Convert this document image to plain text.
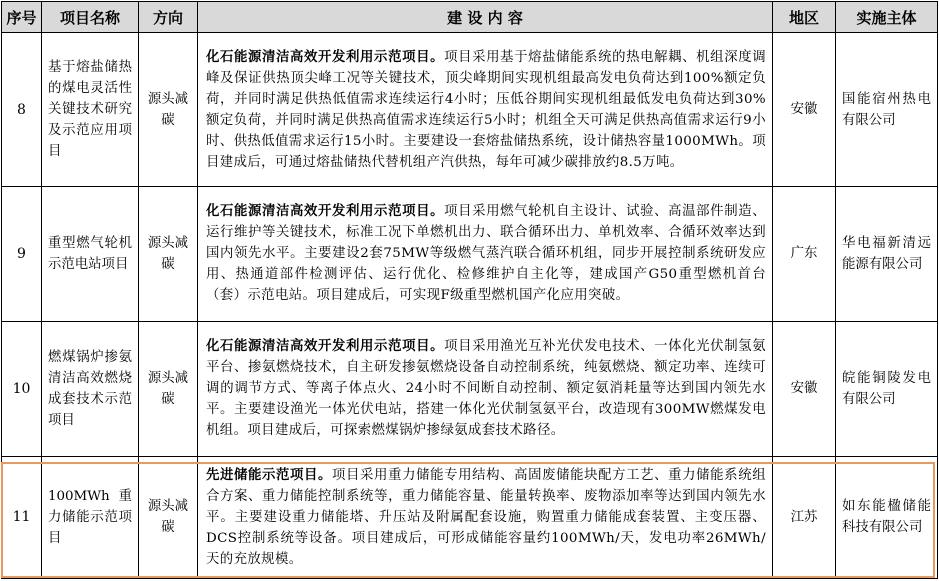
序号	项目名称	方向	建 设 内 容	地区	实施主体
8	基于熔盐储热的煤电灵活性关键技术研究及示范应用项目	源头减碳	化石能源清洁高效开发利用示范项目。项目采用基于熔盐储能系统的热电解耦、机组深度调峰及保证供热顶尖峰工况等关键技术，顶尖峰期间实现机组最高发电负荷达到100%额定负荷，并同时满足供热低值需求连续运行4小时；压低谷期间实现机组最低发电负荷达到30%额定负荷，并同时满足供热高值需求连续运行5小时；机组全天可满足供热高值需求运行9小时、供热低值需求运行15小时。主要建设一套熔盐储热系统，设计储热容量1000MWh。项目建成后，可通过熔盐储热代替机组产汽供热，每年可减少碳排放约8.5万吨。	安徽	国能宿州热电有限公司
9	重型燃气轮机示范电站项目	源头减碳	化石能源清洁高效开发利用示范项目。项目采用燃气轮机自主设计、试验、高温部件制造、运行维护等关键技术，标准工况下单燃机出力、联合循环出力、单机效率、合循环效率达到国内领先水平。主要建设2套75MW等级燃气蒸汽联合循环机组，同步开展控制系统研发应用、热通道部件检测评估、运行优化、检修维护自主化等，建成国产G50重型燃机首台（套）示范电站。项目建成后，可实现F级重型燃机国产化应用突破。	广东	华电福新清远能源有限公司
10	燃煤锅炉掺氨清洁高效燃烧成套技术示范项目	源头减碳	化石能源清洁高效开发利用示范项目。项目采用渔光互补光伏发电技术、一体化光伏制氢氨平台、掺氨燃烧技术，自主研发掺氨燃烧设备自动控制系统，纯氨燃烧、额定功率、连续可调的调节方式、等离子体点火、24小时不间断自动控制、额定氨消耗量等达到国内领先水平。主要建设渔光一体光伏电站，搭建一体化光伏制氢氨平台，改造现有300MW燃煤发电机组。项目建成后，可探索燃煤锅炉掺绿氨成套技术路径。	安徽	皖能铜陵发电有限公司
11	100MWh 重力储能示范项目	源头减碳	先进储能示范项目。项目采用重力储能专用结构、高固废储能块配方工艺、重力储能系统组合方案、重力储能控制系统等，重力储能容量、能量转换率、废物添加率等达到国内领先水平。主要建设重力储能塔、升压站及附属配套设施，购置重力储能成套装置、主变压器、DCS控制系统等设备。项目建成后，可形成储能容量约100MWh/天，发电功率26MWh/天的充放规模。	江苏	如东能楹储能科技有限公司
